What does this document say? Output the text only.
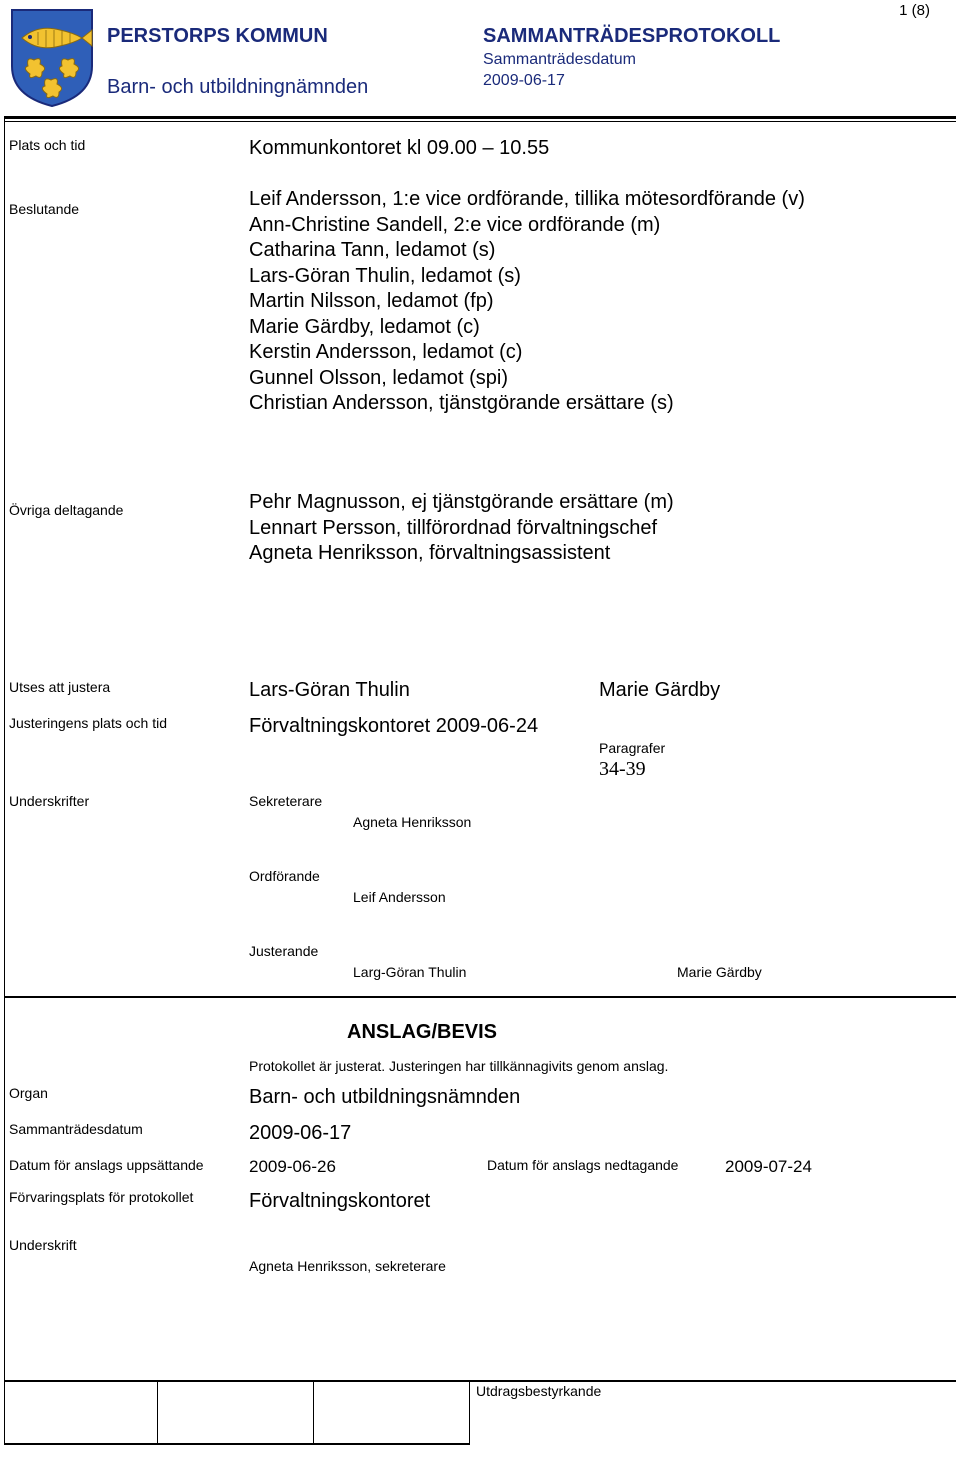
1 (8)
PERSTORPS KOMMUN
Barn- och utbildningnämnden
SAMMANTRÄDESPROTOKOLL
Sammanträdesdatum
2009-06-17
Plats och tid	Kommunkontoret kl 09.00 – 10.55
Beslutande	Leif Andersson, 1:e vice ordförande, tillika mötesordförande (v)
Ann-Christine Sandell, 2:e vice ordförande (m)
Catharina Tann, ledamot (s)
Lars-Göran Thulin, ledamot (s)
Martin Nilsson, ledamot (fp)
Marie Gärdby, ledamot (c)
Kerstin Andersson, ledamot (c)
Gunnel Olsson, ledamot (spi)
Christian Andersson, tjänstgörande ersättare (s)
Övriga deltagande	Pehr Magnusson, ej tjänstgörande ersättare (m)
Lennart Persson, tillförordnad förvaltningschef
Agneta Henriksson, förvaltningsassistent
Utses att justera	Lars-Göran Thulin	Marie Gärdby
Justeringens plats och tid	Förvaltningskontoret 2009-06-24
Paragrafer
34-39
Underskrifter	Sekreterare
Agneta Henriksson
Ordförande
Leif Andersson
Justerande
Larg-Göran Thulin	Marie Gärdby
ANSLAG/BEVIS
Protokollet är justerat. Justeringen har tillkännagivits genom anslag.
Organ	Barn- och utbildningsnämnden
Sammanträdesdatum	2009-06-17
Datum för anslags uppsättande	2009-06-26	Datum för anslags nedtagande	2009-07-24
Förvaringsplats för protokollet	Förvaltningskontoret
Underskrift
Agneta Henriksson, sekreterare
Utdragsbestyrkande
